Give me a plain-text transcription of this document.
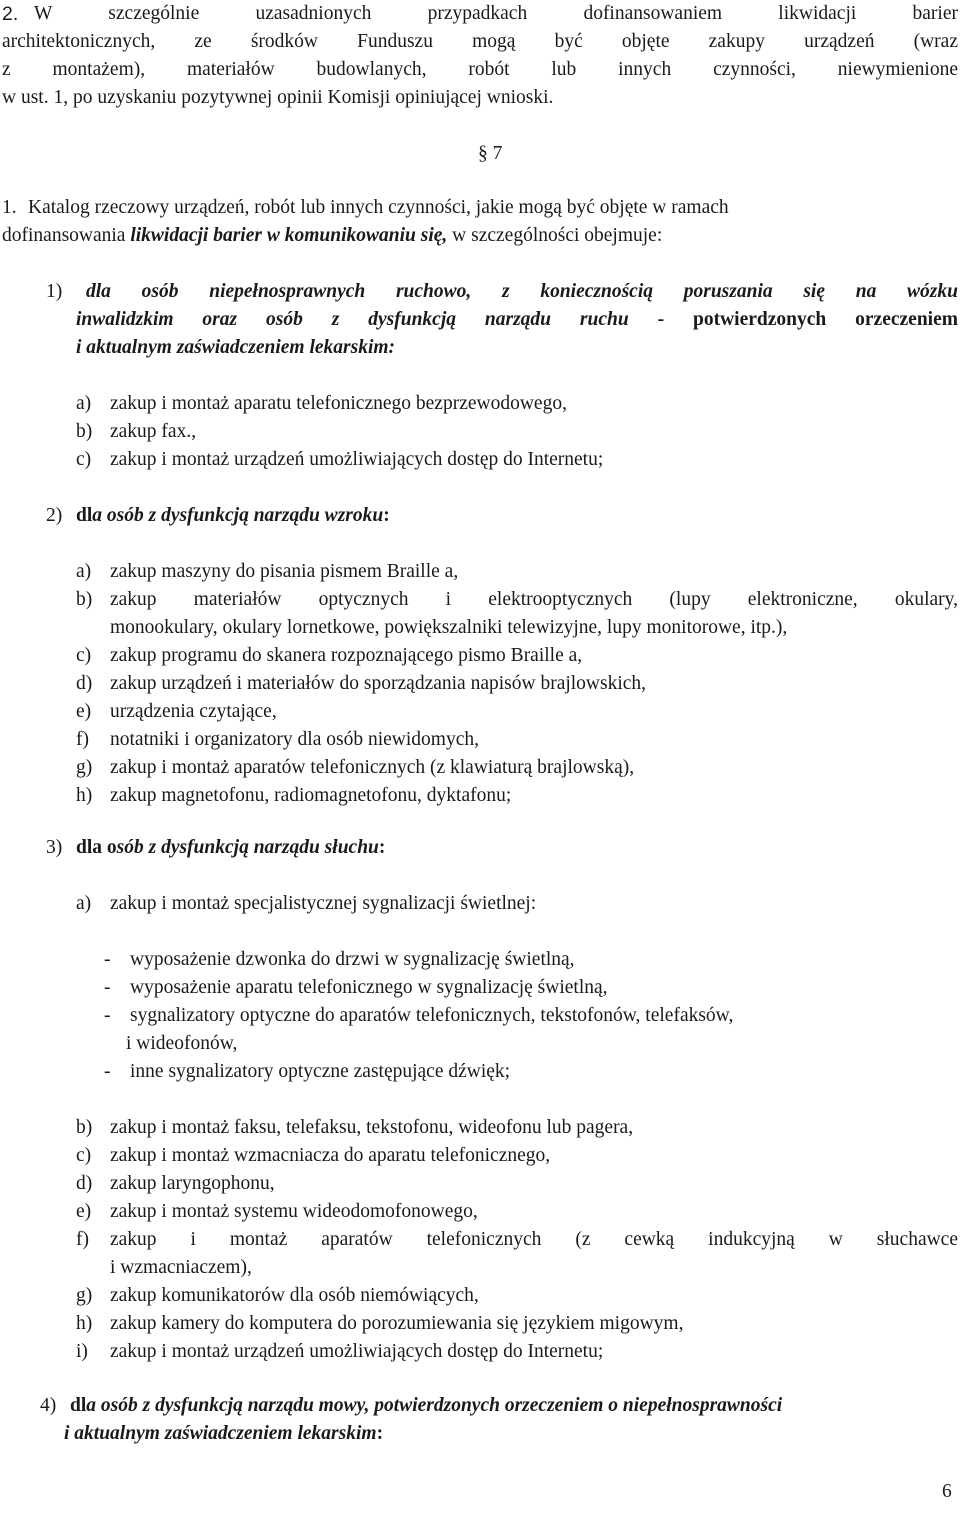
2. W szczególnie uzasadnionych przypadkach dofinansowaniem likwidacji barier
architektonicznych, ze środków Funduszu mogą być objęte zakupy urządzeń (wraz
z montażem), materiałów budowlanych, robót lub innych czynności, niewymienione
w ust. 1, po uzyskaniu pozytywnej opinii Komisji opiniującej wnioski.
§ 7
1. Katalog rzeczowy urządzeń, robót lub innych czynności, jakie mogą być objęte w ramach
dofinansowania likwidacji barier w komunikowaniu się, w szczególności obejmuje:
1) dla osób niepełnosprawnych ruchowo, z koniecznością poruszania się na wózku
inwalidzkim oraz osób z dysfunkcją narządu ruchu - potwierdzonych orzeczeniem
i aktualnym zaświadczeniem lekarskim:
a) zakup i montaż aparatu telefonicznego bezprzewodowego,
b) zakup fax.,
c) zakup i montaż urządzeń umożliwiających dostęp do Internetu;
2) dla osób z dysfunkcją narządu wzroku:
a) zakup maszyny do pisania pismem Braille a,
b) zakup materiałów optycznych i elektrooptycznych (lupy elektroniczne, okulary,
monookulary, okulary lornetkowe, powiększalniki telewizyjne, lupy monitorowe, itp.),
c) zakup programu do skanera rozpoznającego pismo Braille a,
d) zakup urządzeń i materiałów do sporządzania napisów brajlowskich,
e) urządzenia czytające,
f) notatniki i organizatory dla osób niewidomych,
g) zakup i montaż aparatów telefonicznych (z klawiaturą brajlowską),
h) zakup magnetofonu, radiomagnetofonu, dyktafonu;
3) dla osób z dysfunkcją narządu słuchu:
a) zakup i montaż specjalistycznej sygnalizacji świetlnej:
- wyposażenie dzwonka do drzwi w sygnalizację świetlną,
- wyposażenie aparatu telefonicznego w sygnalizację świetlną,
- sygnalizatory optyczne do aparatów telefonicznych, tekstofonów, telefaksów,
i wideofonów,
- inne sygnalizatory optyczne zastępujące dźwięk;
b) zakup i montaż faksu, telefaksu, tekstofonu, wideofonu lub pagera,
c) zakup i montaż wzmacniacza do aparatu telefonicznego,
d) zakup laryngophonu,
e) zakup i montaż systemu wideodomofonowego,
f) zakup i montaż aparatów telefonicznych (z cewką indukcyjną w słuchawce
i wzmacniaczem),
g) zakup komunikatorów dla osób niemówiących,
h) zakup kamery do komputera do porozumiewania się językiem migowym,
i) zakup i montaż urządzeń umożliwiających dostęp do Internetu;
4) dla osób z dysfunkcją narządu mowy, potwierdzonych orzeczeniem o niepełnosprawności
i aktualnym zaświadczeniem lekarskim:
6
